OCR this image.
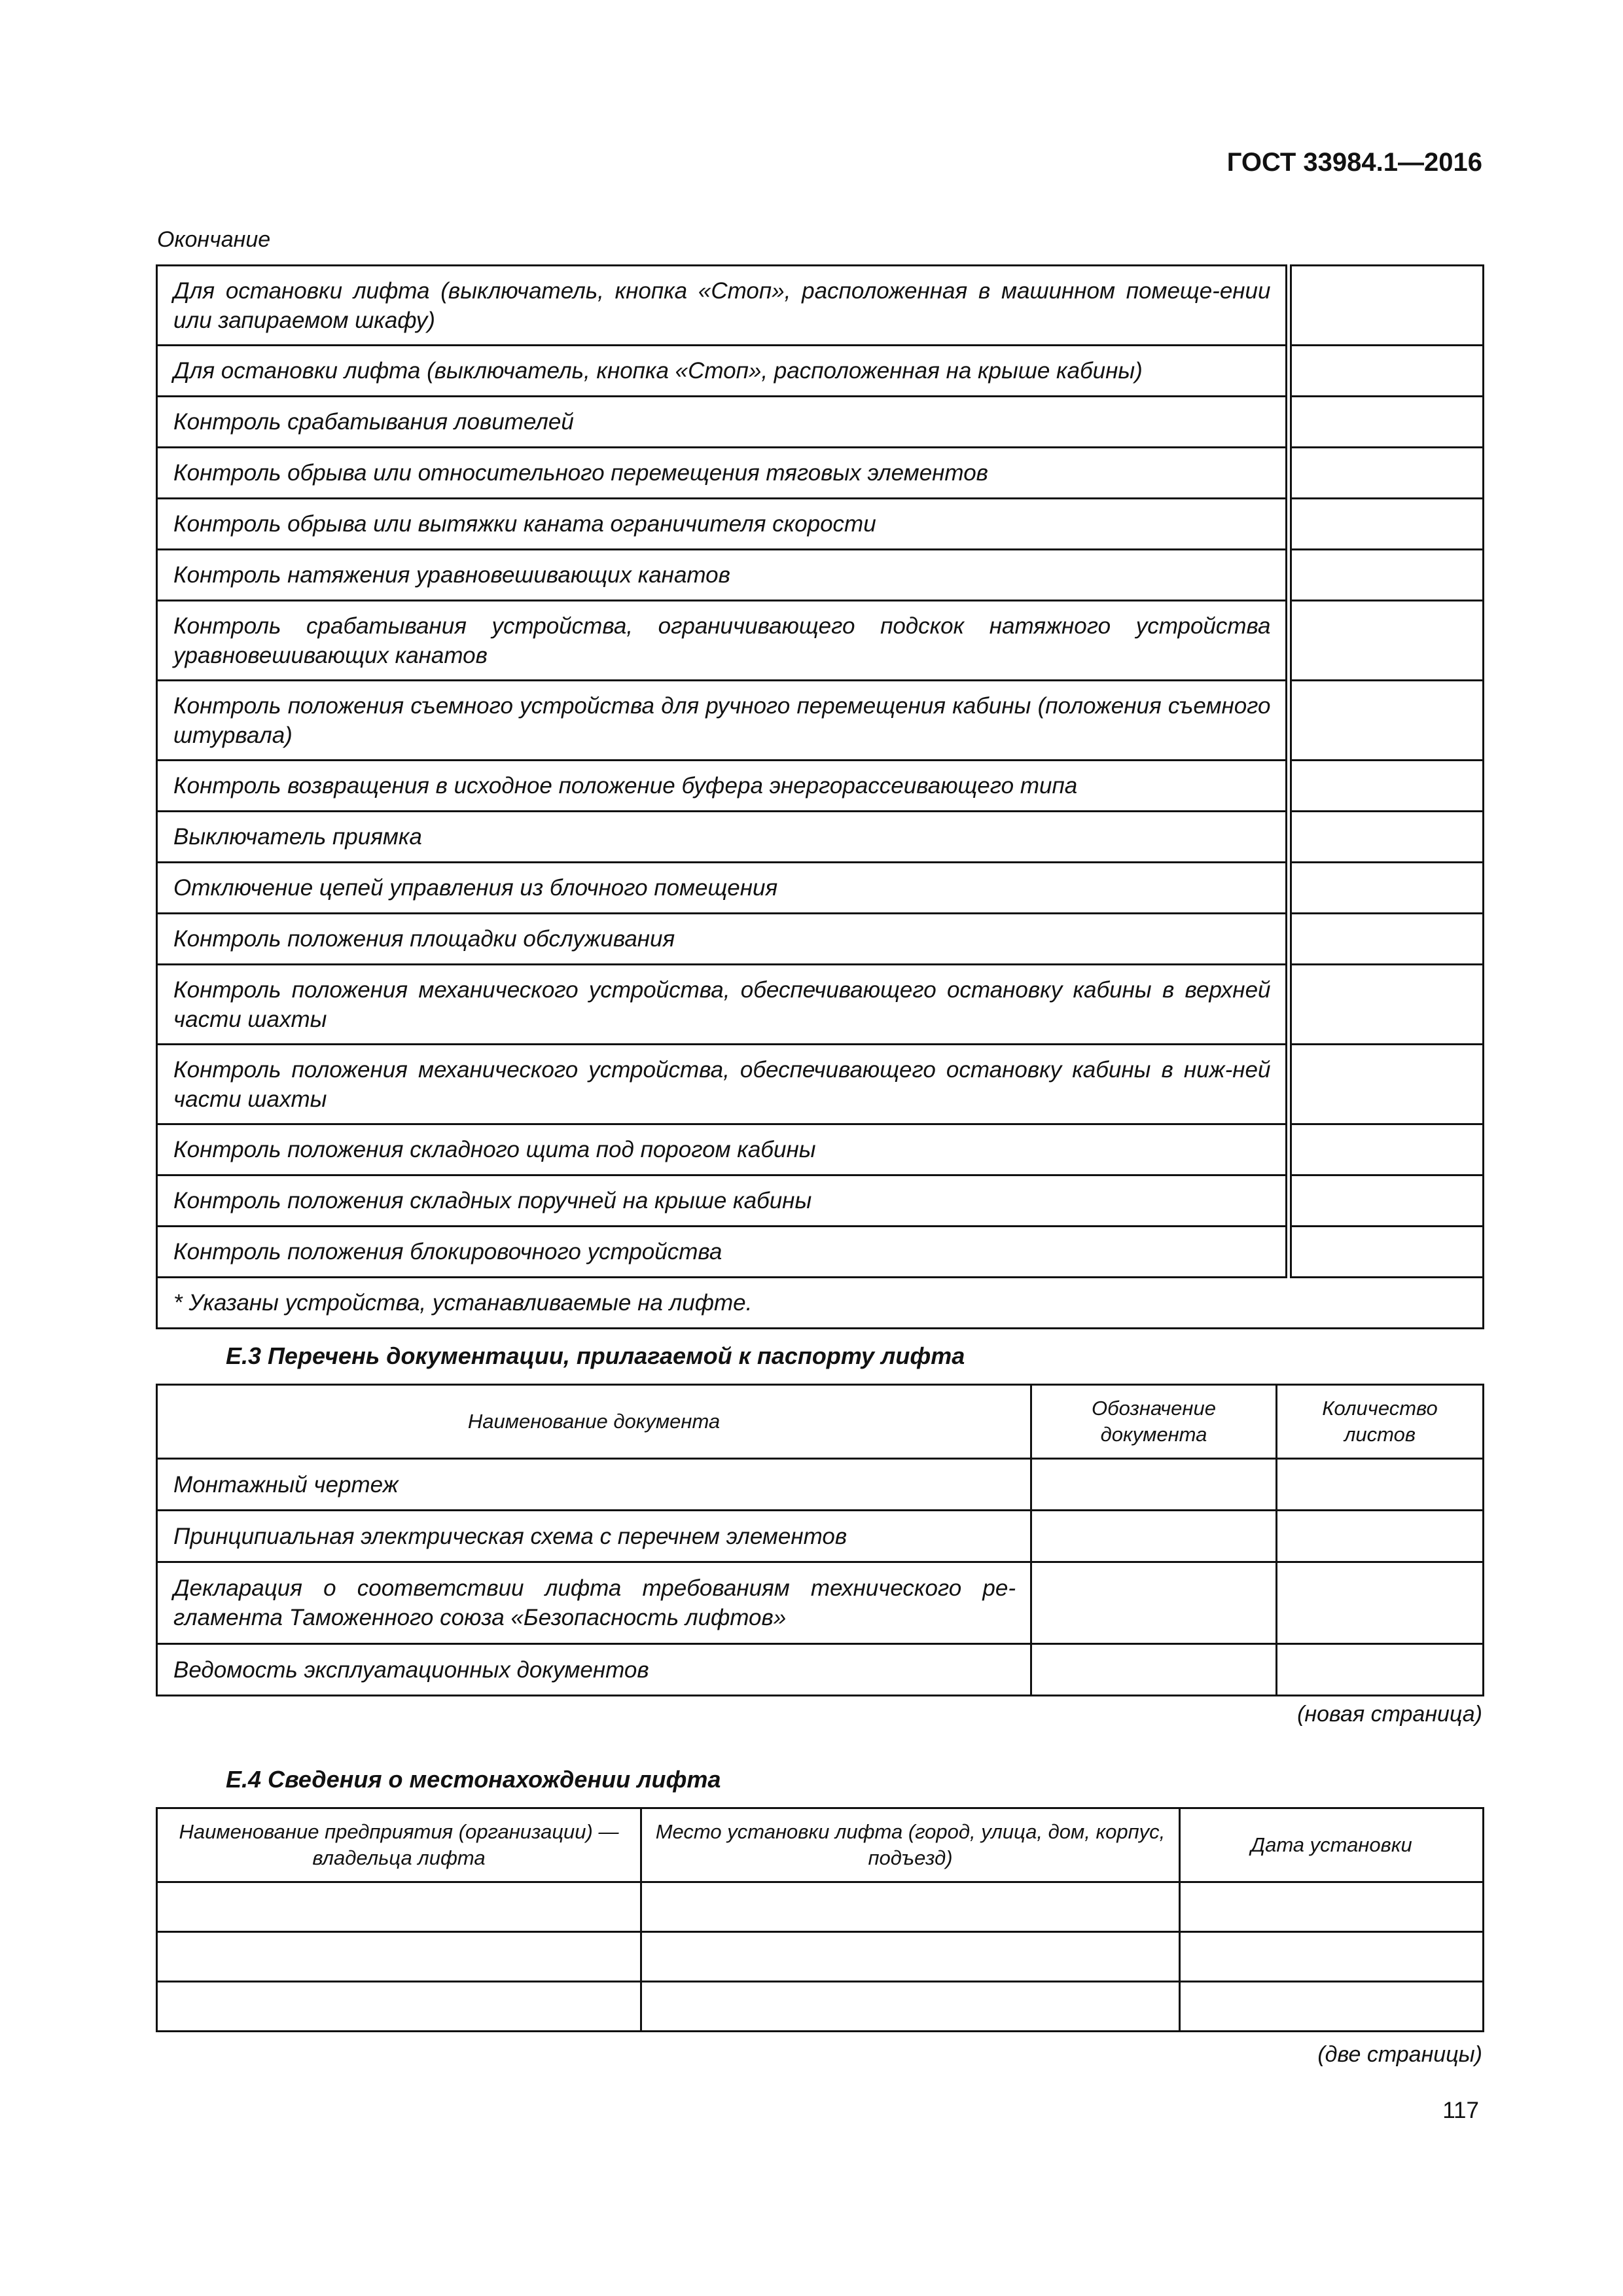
ГОСТ 33984.1—2016
Окончание
Для остановки лифта (выключатель, кнопка «Стоп», расположенная в машинном помеще-ении или запираемом шкафу)	
Для остановки лифта (выключатель, кнопка «Стоп», расположенная на крыше кабины)	
Контроль срабатывания ловителей	
Контроль обрыва или относительного перемещения тяговых элементов	
Контроль обрыва или вытяжки каната ограничителя скорости	
Контроль натяжения уравновешивающих канатов	
Контроль срабатывания устройства, ограничивающего подскок натяжного устройства уравновешивающих канатов	
Контроль положения съемного устройства для ручного перемещения кабины (положения съемного штурвала)	
Контроль возвращения в исходное положение буфера энергорассеивающего типа	
Выключатель приямка	
Отключение цепей управления из блочного помещения	
Контроль положения площадки обслуживания	
Контроль положения механического устройства, обеспечивающего остановку кабины в верхней части шахты	
Контроль положения механического устройства, обеспечивающего остановку кабины в ниж-ней части шахты	
Контроль положения складного щита под порогом кабины	
Контроль положения складных поручней на крыше кабины	
Контроль положения блокировочного устройства	
* Указаны устройства, устанавливаемые на лифте.	
Е.3 Перечень документации, прилагаемой к паспорту лифта
Наименование документа	Обозначение документа	Количество листов
Монтажный чертеж		
Принципиальная электрическая схема с перечнем элементов		
Декларация о соответствии лифта требованиям технического ре-гламента Таможенного союза «Безопасность лифтов»		
Ведомость эксплуатационных документов		
(новая страница)
Е.4 Сведения о местонахождении лифта
Наименование предприятия (организации) — владельца лифта	Место установки лифта (город, улица, дом, корпус, подъезд)	Дата установки

(две страницы)
117
